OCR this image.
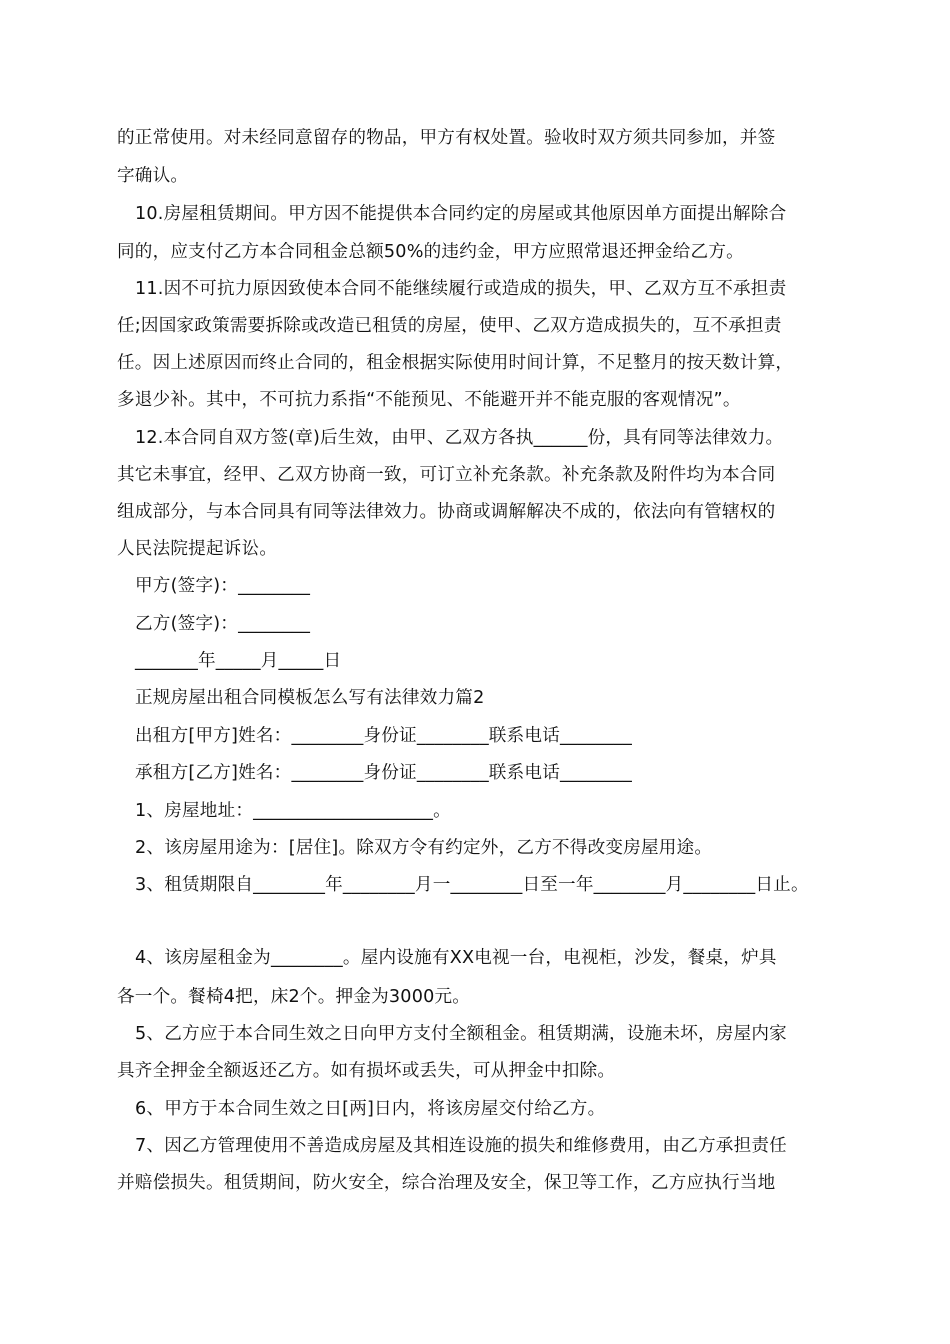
的正常使用。对未经同意留存的物品，甲方有权处置。验收时双方须共同参加，并签
字确认。
10.房屋租赁期间。甲方因不能提供本合同约定的房屋或其他原因单方面提出解除合
同的，应支付乙方本合同租金总额50%的违约金，甲方应照常退还押金给乙方。
11.因不可抗力原因致使本合同不能继续履行或造成的损失，甲、乙双方互不承担责
任;因国家政策需要拆除或改造已租赁的房屋，使甲、乙双方造成损失的，互不承担责
任。因上述原因而终止合同的，租金根据实际使用时间计算，不足整月的按天数计算，
多退少补。其中，不可抗力系指“不能预见、不能避开并不能克服的客观情况”。
12.本合同自双方签(章)后生效，由甲、乙双方各执______份，具有同等法律效力。
其它未事宜，经甲、乙双方协商一致，可订立补充条款。补充条款及附件均为本合同
组成部分，与本合同具有同等法律效力。协商或调解解决不成的，依法向有管辖权的
人民法院提起诉讼。
甲方(签字)：________
乙方(签字)：________
_______年_____月_____日
正规房屋出租合同模板怎么写有法律效力篇2
出租方[甲方]姓名：________身份证________联系电话________
承租方[乙方]姓名：________身份证________联系电话________
1、房屋地址：____________________。
2、该房屋用途为：[居住]。除双方令有约定外，乙方不得改变房屋用途。
3、租赁期限自________年________月一________日至一年________月________日止。
4、该房屋租金为________。屋内设施有XX电视一台，电视柜，沙发，餐桌，炉具
各一个。餐椅4把，床2个。押金为3000元。
5、乙方应于本合同生效之日向甲方支付全额租金。租赁期满，设施未坏，房屋内家
具齐全押金全额返还乙方。如有损坏或丢失，可从押金中扣除。
6、甲方于本合同生效之日[两]日内，将该房屋交付给乙方。
7、因乙方管理使用不善造成房屋及其相连设施的损失和维修费用，由乙方承担责任
并赔偿损失。租赁期间，防火安全，综合治理及安全，保卫等工作，乙方应执行当地
